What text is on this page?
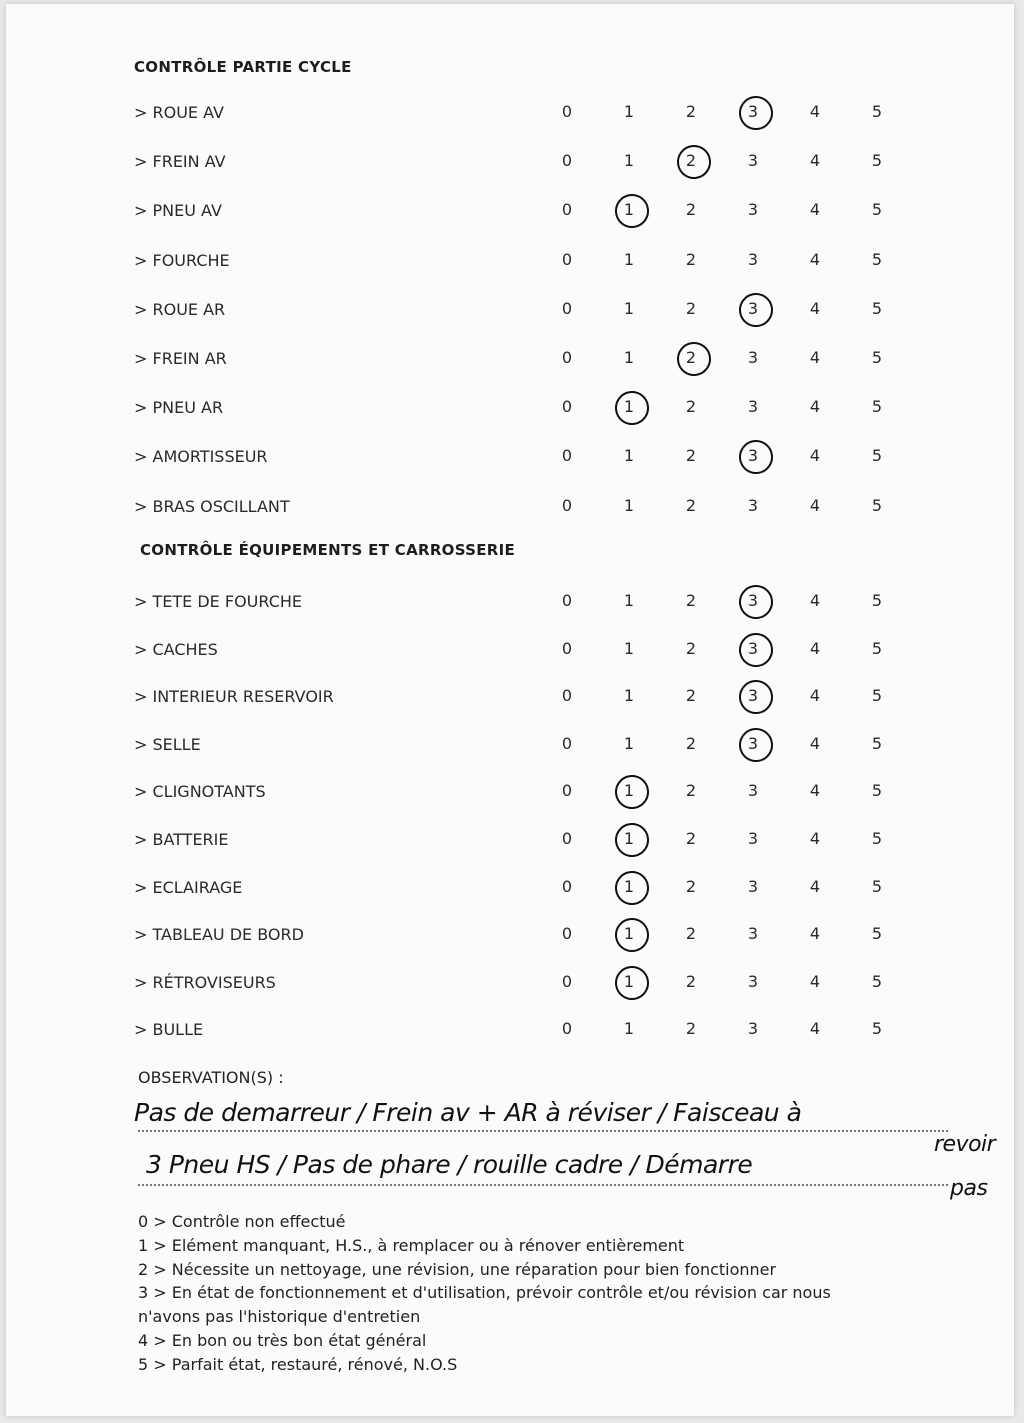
CONTRÔLE PARTIE CYCLE
> ROUE AV	0	1	2	3	4	5
> FREIN AV	0	1	2	3	4	5
> PNEU AV	0	1	2	3	4	5
> FOURCHE	0	1	2	3	4	5
> ROUE AR	0	1	2	3	4	5
> FREIN AR	0	1	2	3	4	5
> PNEU AR	0	1	2	3	4	5
> AMORTISSEUR	0	1	2	3	4	5
> BRAS OSCILLANT	0	1	2	3	4	5
CONTRÔLE ÉQUIPEMENTS ET CARROSSERIE
> TETE DE FOURCHE	0	1	2	3	4	5
> CACHES	0	1	2	3	4	5
> INTERIEUR RESERVOIR	0	1	2	3	4	5
> SELLE	0	1	2	3	4	5
> CLIGNOTANTS	0	1	2	3	4	5
> BATTERIE	0	1	2	3	4	5
> ECLAIRAGE	0	1	2	3	4	5
> TABLEAU DE BORD	0	1	2	3	4	5
> RÉTROVISEURS	0	1	2	3	4	5
> BULLE	0	1	2	3	4	5
OBSERVATION(S) :
Pas de demarreur / Frein av + AR à réviser / Faisceau à
revoir
3 Pneu HS / Pas de phare / rouille cadre / Démarre
pas
0 > Contrôle non effectué
1 > Elément manquant, H.S., à remplacer ou à rénover entièrement
2 > Nécessite un nettoyage, une révision, une réparation pour bien fonctionner
3 > En état de fonctionnement et d'utilisation, prévoir contrôle et/ou révision car nous
n'avons pas l'historique d'entretien
4 > En bon ou très bon état général
5 > Parfait état, restauré, rénové, N.O.S
